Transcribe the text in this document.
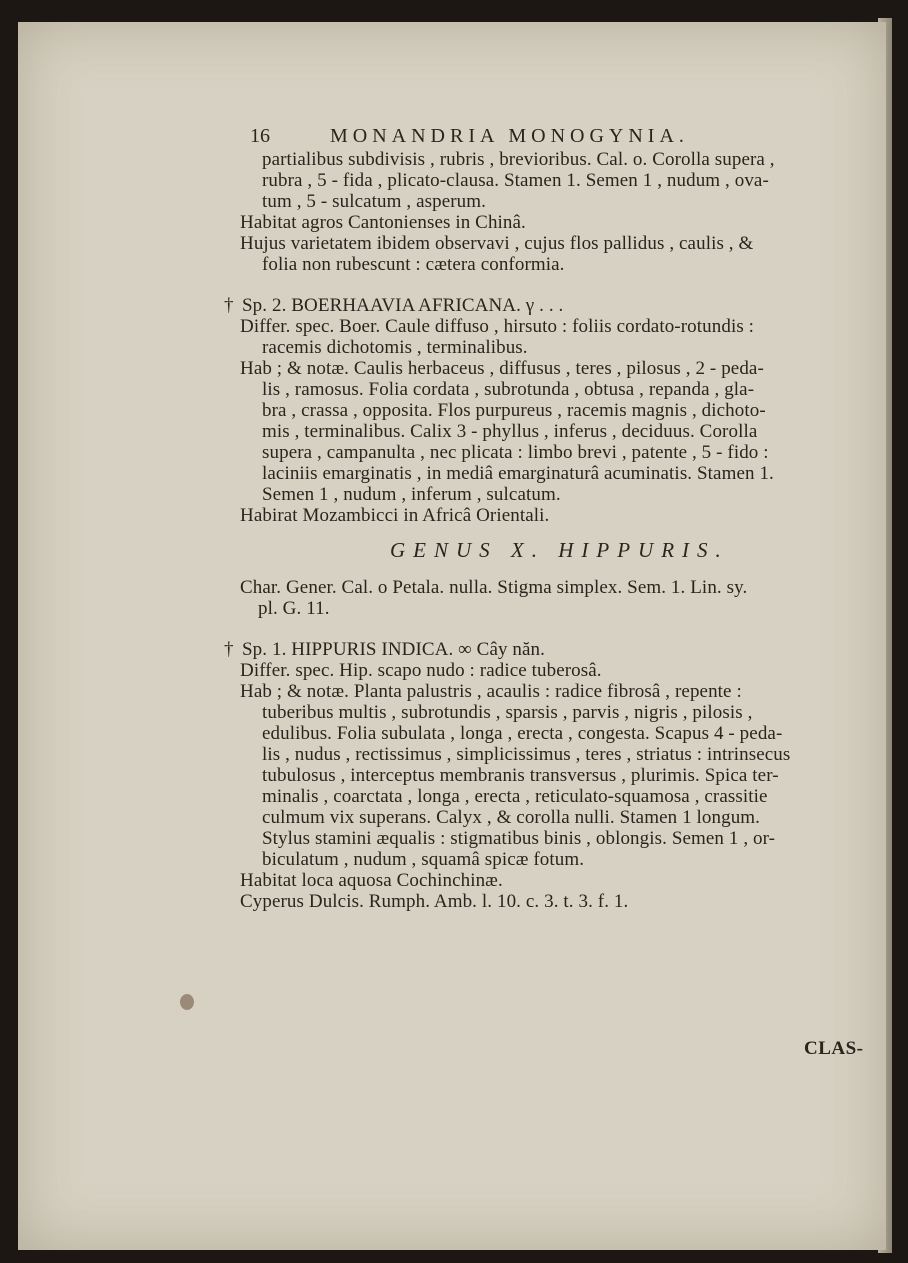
16	MONANDRIA MONOGYNIA.
partialibus subdivisis , rubris , brevioribus. Cal. o. Corolla supera ,
rubra , 5 - fida , plicato-clausa. Stamen 1. Semen 1 , nudum , ova-
tum , 5 - sulcatum , asperum.
Habitat agros Cantonienses in Chinâ.
Hujus varietatem ibidem observavi , cujus flos pallidus , caulis , &
folia non rubescunt : cætera conformia.
† Sp. 2. BOERHAAVIA AFRICANA. γ . . .
Differ. spec. Boer. Caule diffuso , hirsuto : foliis cordato-rotundis :
racemis dichotomis , terminalibus.
Hab ; & notæ. Caulis herbaceus , diffusus , teres , pilosus , 2 - peda-
lis , ramosus. Folia cordata , subrotunda , obtusa , repanda , gla-
bra , crassa , opposita. Flos purpureus , racemis magnis , dichoto-
mis , terminalibus. Calix 3 - phyllus , inferus , deciduus. Corolla
supera , campanulta , nec plicata : limbo brevi , patente , 5 - fido :
laciniis emarginatis , in mediâ emarginaturâ acuminatis. Stamen 1.
Semen 1 , nudum , inferum , sulcatum.
Habirat Mozambicci in Africâ Orientali.
GENUS X. HIPPURIS.
Char. Gener. Cal. o Petala. nulla. Stigma simplex. Sem. 1. Lin. sy.
pl. G. 11.
† Sp. 1. HIPPURIS INDICA. ∞ Cây năn.
Differ. spec. Hip. scapo nudo : radice tuberosâ.
Hab ; & notæ. Planta palustris , acaulis : radice fibrosâ , repente :
tuberibus multis , subrotundis , sparsis , parvis , nigris , pilosis ,
edulibus. Folia subulata , longa , erecta , congesta. Scapus 4 - peda-
lis , nudus , rectissimus , simplicissimus , teres , striatus : intrinsecus
tubulosus , interceptus membranis transversus , plurimis. Spica ter-
minalis , coarctata , longa , erecta , reticulato-squamosa , crassitie
culmum vix superans. Calyx , & corolla nulli. Stamen 1 longum.
Stylus stamini æqualis : stigmatibus binis , oblongis. Semen 1 , or-
biculatum , nudum , squamâ spicæ fotum.
Habitat loca aquosa Cochinchinæ.
Cyperus Dulcis. Rumph. Amb. l. 10. c. 3. t. 3. f. 1.
CLAS-
